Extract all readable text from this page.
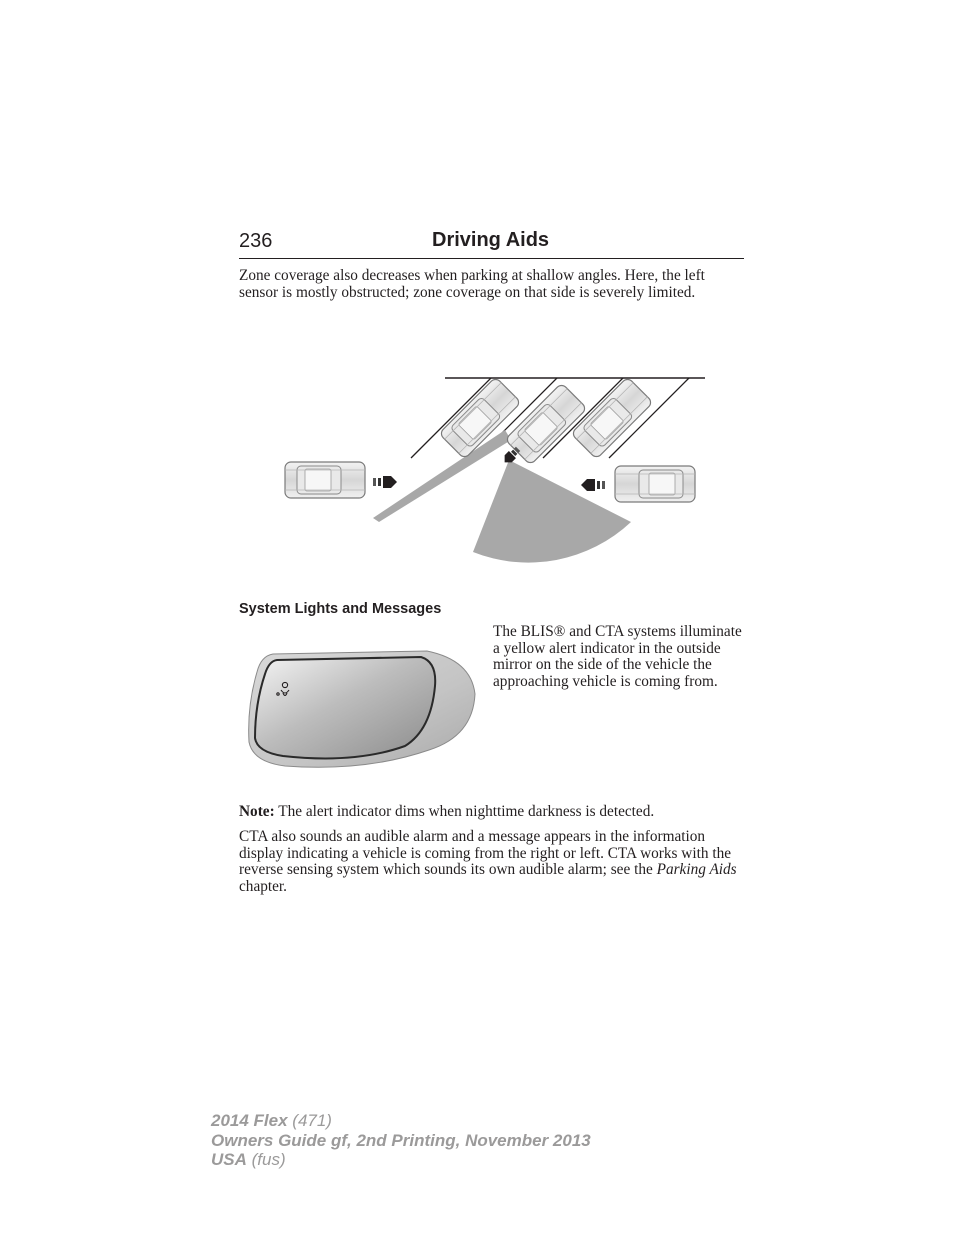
236	Driving Aids

Zone coverage also decreases when parking at shallow angles. Here, the left sensor is mostly obstructed; zone coverage on that side is severely limited.

System Lights and Messages

The BLIS® and CTA systems illuminate a yellow alert indicator in the outside mirror on the side of the vehicle the approaching vehicle is coming from.

Note: The alert indicator dims when nighttime darkness is detected.

CTA also sounds an audible alarm and a message appears in the information display indicating a vehicle is coming from the right or left. CTA works with the reverse sensing system which sounds its own audible alarm; see the Parking Aids chapter.

2014 Flex (471)
Owners Guide gf, 2nd Printing, November 2013
USA (fus)
